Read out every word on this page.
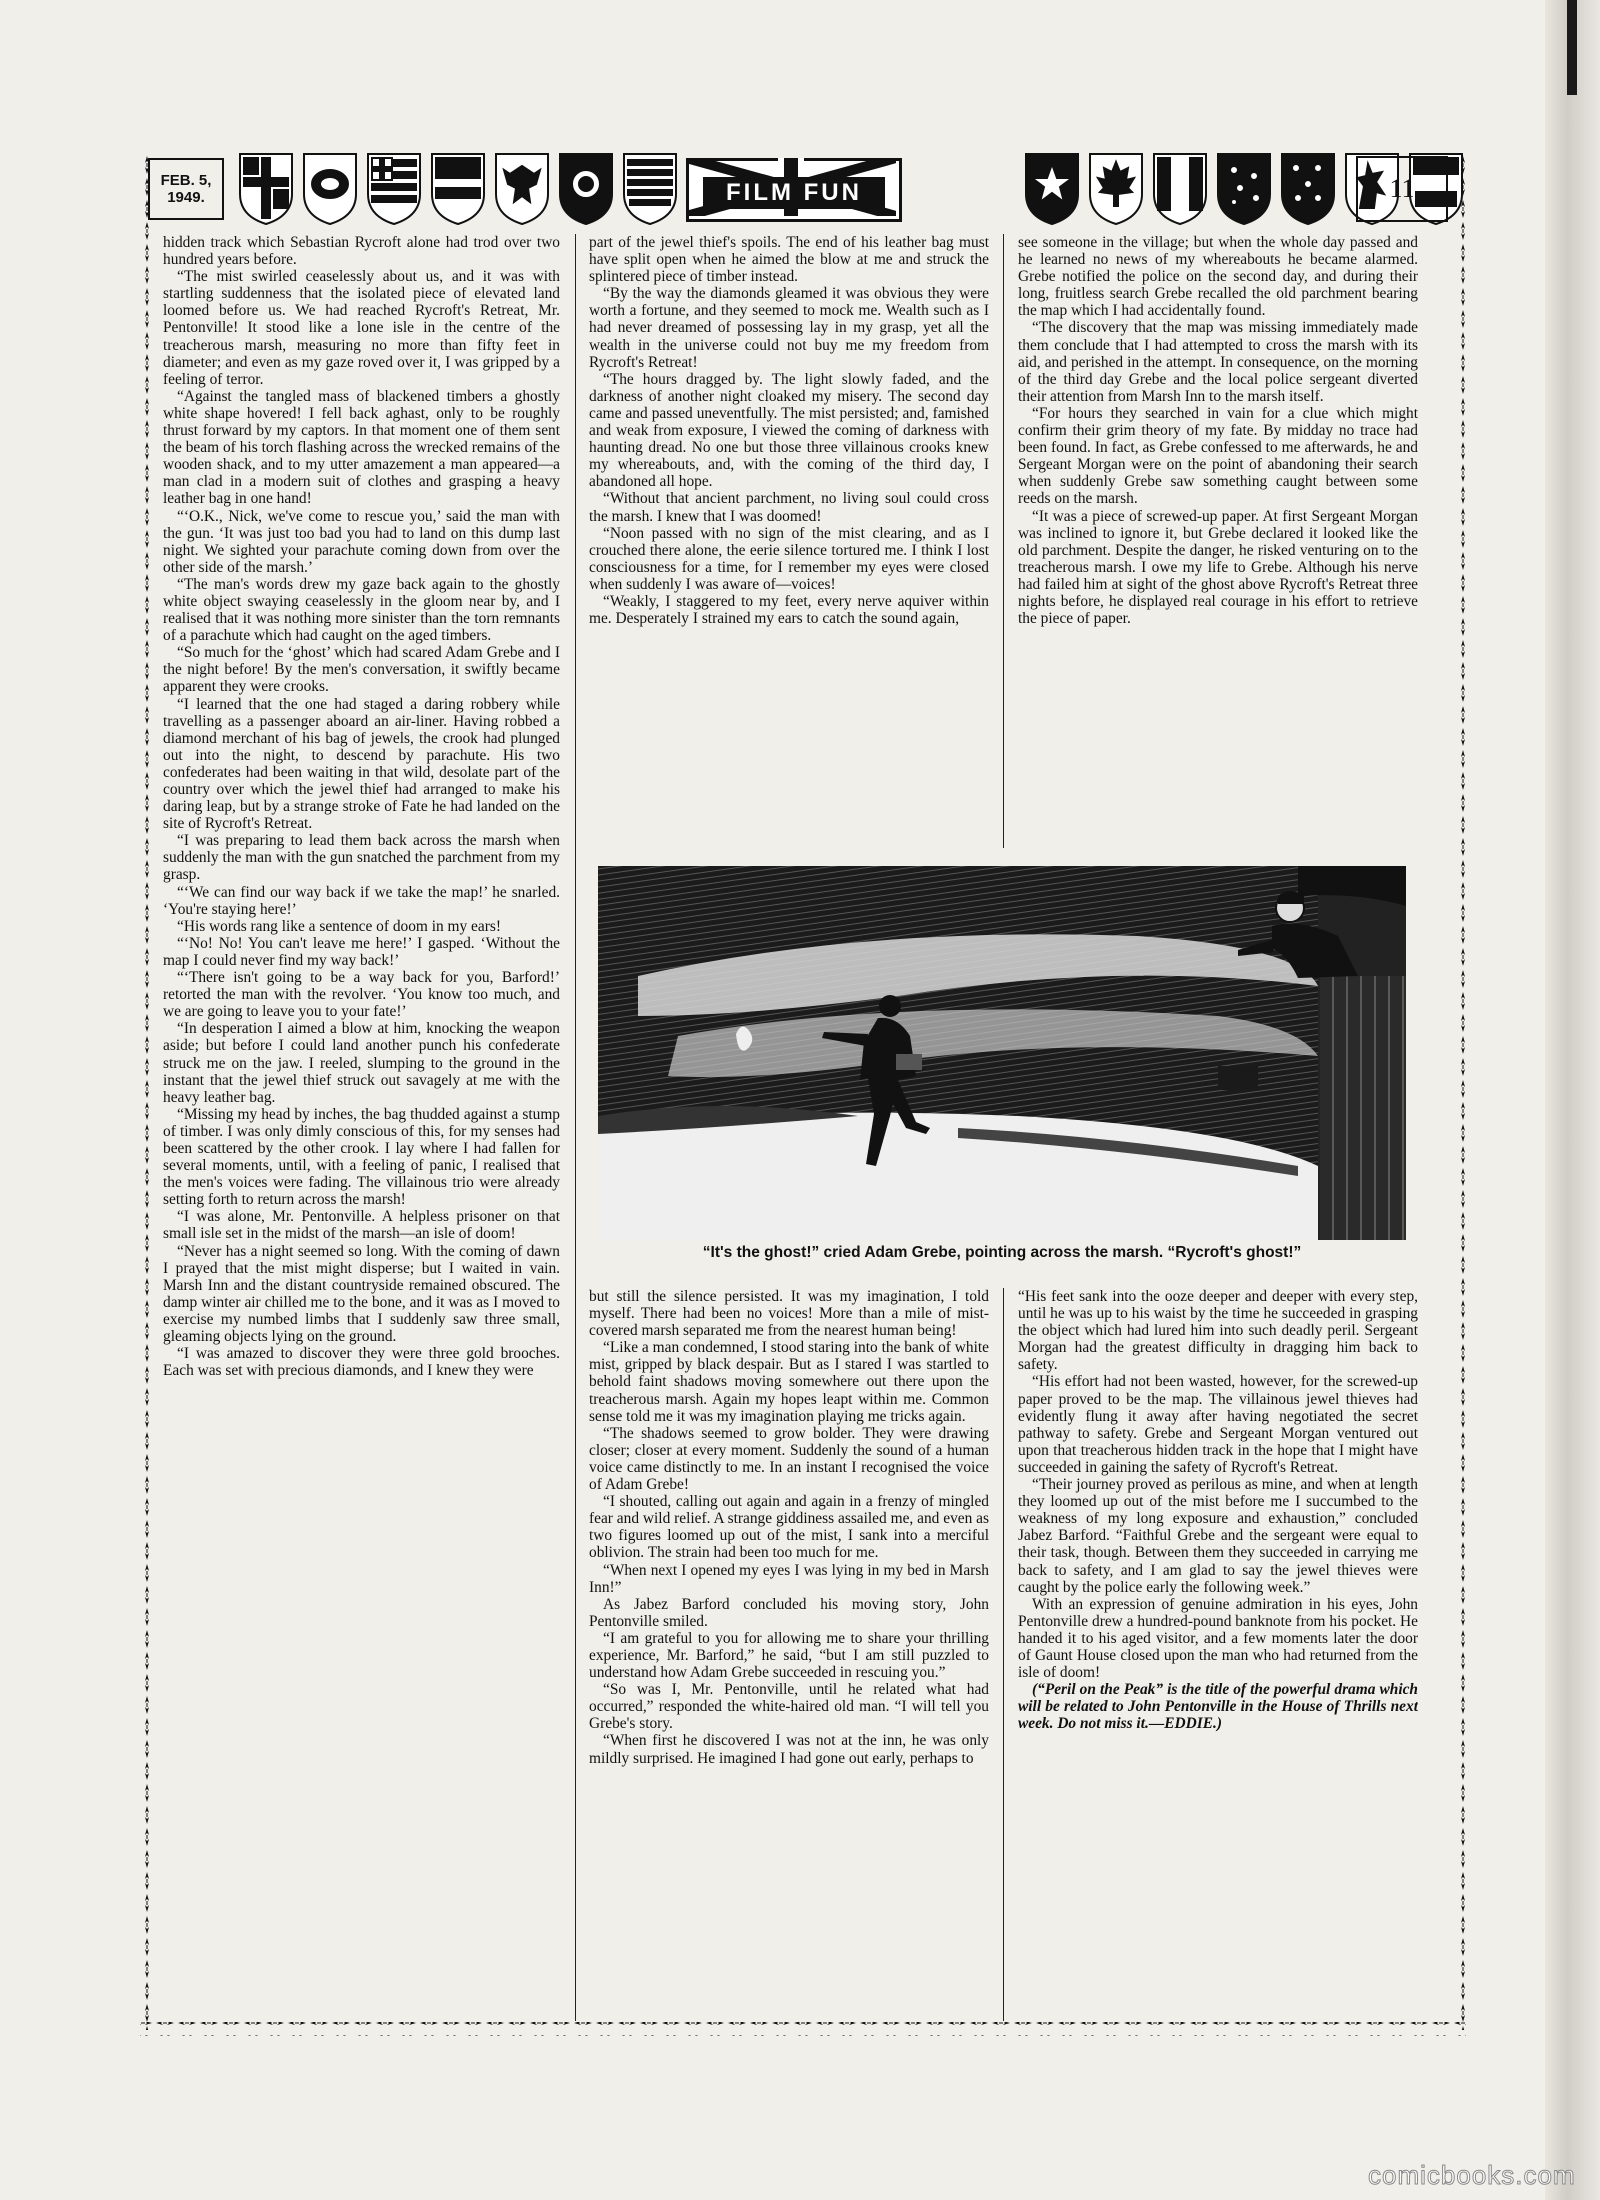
FEB. 5,
1949.	FILM FUN	11

hidden track which Sebastian Rycroft alone had trod over two hundred years before.

“The mist swirled ceaselessly about us, and it was with startling suddenness that the isolated piece of elevated land loomed before us. We had reached Rycroft's Retreat, Mr. Pentonville! It stood like a lone isle in the centre of the treacherous marsh, measuring no more than fifty feet in diameter; and even as my gaze roved over it, I was gripped by a feeling of terror.

“Against the tangled mass of blackened timbers a ghostly white shape hovered! I fell back aghast, only to be roughly thrust forward by my captors. In that moment one of them sent the beam of his torch flashing across the wrecked remains of the wooden shack, and to my utter amazement a man appeared—a man clad in a modern suit of clothes and grasping a heavy leather bag in one hand!

“‘O.K., Nick, we've come to rescue you,’ said the man with the gun. ‘It was just too bad you had to land on this dump last night. We sighted your parachute coming down from over the other side of the marsh.’

“The man's words drew my gaze back again to the ghostly white object swaying ceaselessly in the gloom near by, and I realised that it was nothing more sinister than the torn remnants of a parachute which had caught on the aged timbers.

“So much for the ‘ghost’ which had scared Adam Grebe and I the night before! By the men's conversation, it swiftly became apparent they were crooks.

“I learned that the one had staged a daring robbery while travelling as a passenger aboard an air-liner. Having robbed a diamond merchant of his bag of jewels, the crook had plunged out into the night, to descend by parachute. His two confederates had been waiting in that wild, desolate part of the country over which the jewel thief had arranged to make his daring leap, but by a strange stroke of Fate he had landed on the site of Rycroft's Retreat.

“I was preparing to lead them back across the marsh when suddenly the man with the gun snatched the parchment from my grasp.

“‘We can find our way back if we take the map!’ he snarled. ‘You're staying here!’

“His words rang like a sentence of doom in my ears!

“‘No! No! You can't leave me here!’ I gasped. ‘Without the map I could never find my way back!’

“‘There isn't going to be a way back for you, Barford!’ retorted the man with the revolver. ‘You know too much, and we are going to leave you to your fate!’

“In desperation I aimed a blow at him, knocking the weapon aside; but before I could land another punch his confederate struck me on the jaw. I reeled, slumping to the ground in the instant that the jewel thief struck out savagely at me with the heavy leather bag.

“Missing my head by inches, the bag thudded against a stump of timber. I was only dimly conscious of this, for my senses had been scattered by the other crook. I lay where I had fallen for several moments, until, with a feeling of panic, I realised that the men's voices were fading. The villainous trio were already setting forth to return across the marsh!

“I was alone, Mr. Pentonville. A helpless prisoner on that small isle set in the midst of the marsh—an isle of doom!

“Never has a night seemed so long. With the coming of dawn I prayed that the mist might disperse; but I waited in vain. Marsh Inn and the distant countryside remained obscured. The damp winter air chilled me to the bone, and it was as I moved to exercise my numbed limbs that I suddenly saw three small, gleaming objects lying on the ground.

“I was amazed to discover they were three gold brooches. Each was set with precious diamonds, and I knew they were

part of the jewel thief's spoils. The end of his leather bag must have split open when he aimed the blow at me and struck the splintered piece of timber instead.

“By the way the diamonds gleamed it was obvious they were worth a fortune, and they seemed to mock me. Wealth such as I had never dreamed of possessing lay in my grasp, yet all the wealth in the universe could not buy me my freedom from Rycroft's Retreat!

“The hours dragged by. The light slowly faded, and the darkness of another night cloaked my misery. The second day came and passed uneventfully. The mist persisted; and, famished and weak from exposure, I viewed the coming of darkness with haunting dread. No one but those three villainous crooks knew my whereabouts, and, with the coming of the third day, I abandoned all hope.

“Without that ancient parchment, no living soul could cross the marsh. I knew that I was doomed!

“Noon passed with no sign of the mist clearing, and as I crouched there alone, the eerie silence tortured me. I think I lost consciousness for a time, for I remember my eyes were closed when suddenly I was aware of—voices!

“Weakly, I staggered to my feet, every nerve aquiver within me. Desperately I strained my ears to catch the sound again,

see someone in the village; but when the whole day passed and he learned no news of my whereabouts he became alarmed. Grebe notified the police on the second day, and during their long, fruitless search Grebe recalled the old parchment bearing the map which I had accidentally found.

“The discovery that the map was missing immediately made them conclude that I had attempted to cross the marsh with its aid, and perished in the attempt. In consequence, on the morning of the third day Grebe and the local police sergeant diverted their attention from Marsh Inn to the marsh itself.

“For hours they searched in vain for a clue which might confirm their grim theory of my fate. By midday no trace had been found. In fact, as Grebe confessed to me afterwards, he and Sergeant Morgan were on the point of abandoning their search when suddenly Grebe saw something caught between some reeds on the marsh.

“It was a piece of screwed-up paper. At first Sergeant Morgan was inclined to ignore it, but Grebe declared it looked like the old parchment. Despite the danger, he risked venturing on to the treacherous marsh. I owe my life to Grebe. Although his nerve had failed him at sight of the ghost above Rycroft's Retreat three nights before, he displayed real courage in his effort to retrieve the piece of paper.

“It's the ghost!” cried Adam Grebe, pointing across the marsh. “Rycroft's ghost!”

but still the silence persisted. It was my imagination, I told myself. There had been no voices! More than a mile of mist-covered marsh separated me from the nearest human being!

“Like a man condemned, I stood staring into the bank of white mist, gripped by black despair. But as I stared I was startled to behold faint shadows moving somewhere out there upon the treacherous marsh. Again my hopes leapt within me. Common sense told me it was my imagination playing me tricks again.

“The shadows seemed to grow bolder. They were drawing closer; closer at every moment. Suddenly the sound of a human voice came distinctly to me. In an instant I recognised the voice of Adam Grebe!

“I shouted, calling out again and again in a frenzy of mingled fear and wild relief. A strange giddiness assailed me, and even as two figures loomed up out of the mist, I sank into a merciful oblivion. The strain had been too much for me.

“When next I opened my eyes I was lying in my bed in Marsh Inn!”

As Jabez Barford concluded his moving story, John Pentonville smiled.

“I am grateful to you for allowing me to share your thrilling experience, Mr. Barford,” he said, “but I am still puzzled to understand how Adam Grebe succeeded in rescuing you.”

“So was I, Mr. Pentonville, until he related what had occurred,” responded the white-haired old man. “I will tell you Grebe's story.

“When first he discovered I was not at the inn, he was only mildly surprised. He imagined I had gone out early, perhaps to

“His feet sank into the ooze deeper and deeper with every step, until he was up to his waist by the time he succeeded in grasping the object which had lured him into such deadly peril. Sergeant Morgan had the greatest difficulty in dragging him back to safety.

“His effort had not been wasted, however, for the screwed-up paper proved to be the map. The villainous jewel thieves had evidently flung it away after having negotiated the secret pathway to safety. Grebe and Sergeant Morgan ventured out upon that treacherous hidden track in the hope that I might have succeeded in gaining the safety of Rycroft's Retreat.

“Their journey proved as perilous as mine, and when at length they loomed up out of the mist before me I succumbed to the weakness of my long exposure and exhaustion,” concluded Jabez Barford. “Faithful Grebe and the sergeant were equal to their task, though. Between them they succeeded in carrying me back to safety, and I am glad to say the jewel thieves were caught by the police early the following week.”

With an expression of genuine admiration in his eyes, John Pentonville drew a hundred-pound banknote from his pocket. He handed it to his aged visitor, and a few moments later the door of Gaunt House closed upon the man who had returned from the isle of doom!

(“Peril on the Peak” is the title of the powerful drama which will be related to John Pentonville in the House of Thrills next week. Do not miss it.—EDDIE.)

comicbooks.com
